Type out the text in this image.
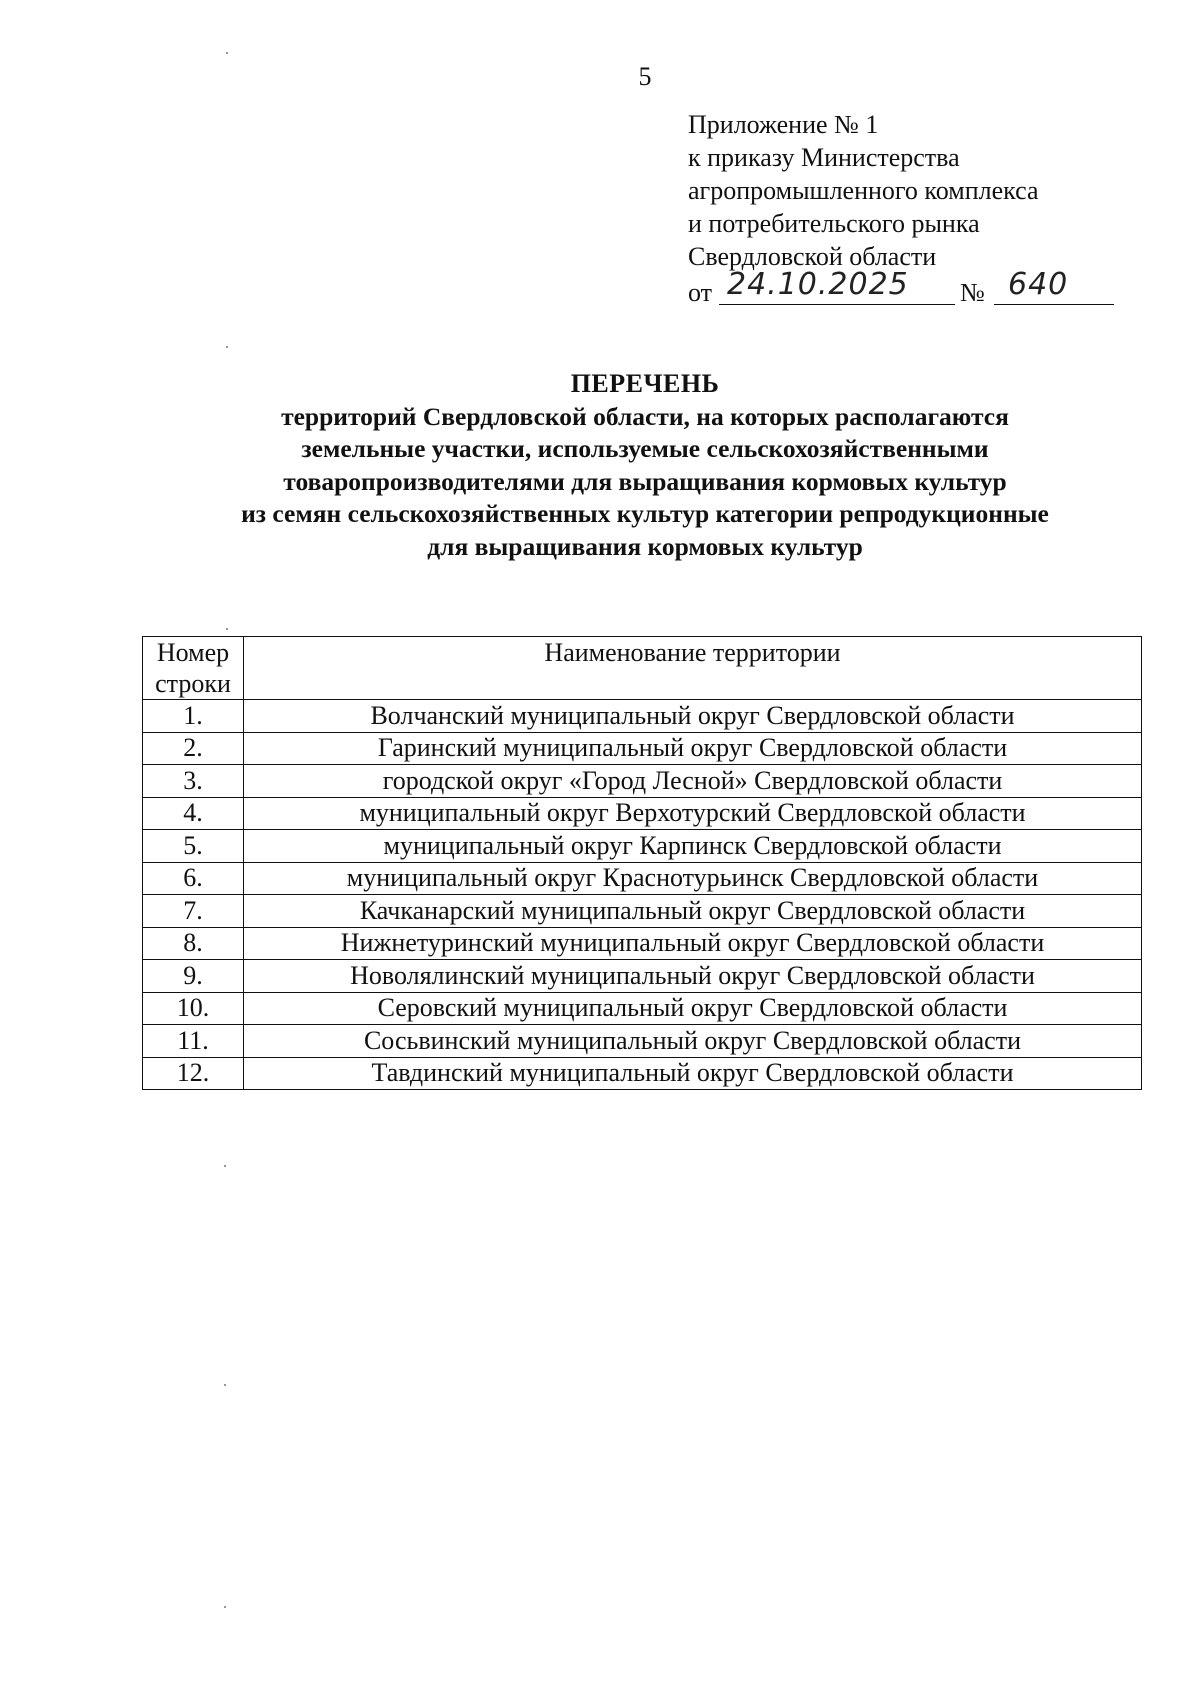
5
Приложение № 1
к приказу Министерства
агропромышленного комплекса
и потребительского рынка
Свердловской области
от 24.10.2025 № 640
ПЕРЕЧЕНЬ
территорий Свердловской области, на которых располагаются
земельные участки, используемые сельскохозяйственными
товаропроизводителями для выращивания кормовых культур
из семян сельскохозяйственных культур категории репродукционные
для выращивания кормовых культур
Номер строки	Наименование территории
1.	Волчанский муниципальный округ Свердловской области
2.	Гаринский муниципальный округ Свердловской области
3.	городской округ «Город Лесной» Свердловской области
4.	муниципальный округ Верхотурский Свердловской области
5.	муниципальный округ Карпинск Свердловской области
6.	муниципальный округ Краснотурьинск Свердловской области
7.	Качканарский муниципальный округ Свердловской области
8.	Нижнетуринский муниципальный округ Свердловской области
9.	Новолялинский муниципальный округ Свердловской области
10.	Серовский муниципальный округ Свердловской области
11.	Сосьвинский муниципальный округ Свердловской области
12.	Тавдинский муниципальный округ Свердловской области
